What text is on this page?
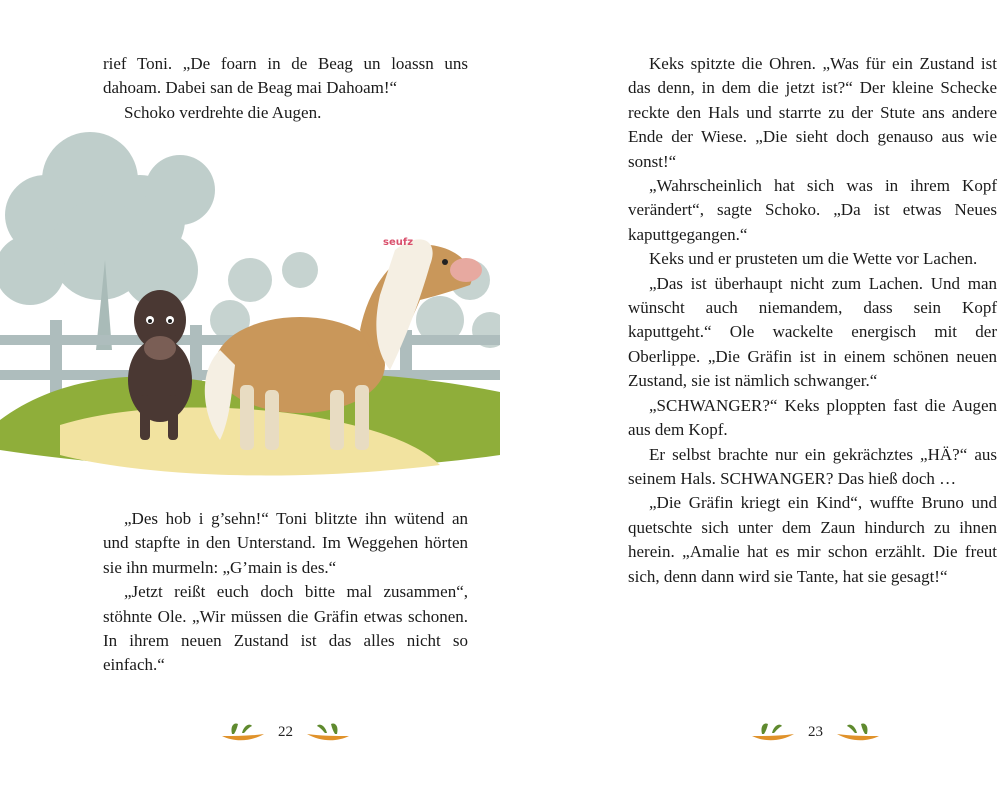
rief Toni. „De foarn in de Beag un loassn uns dahoam. Dabei san de Beag mai Dahoam!“

Schoko verdrehte die Augen.

seufz

„Des hob i g’sehn!“ Toni blitzte ihn wütend an und stapfte in den Unterstand. Im Weggehen hörten sie ihn murmeln: „G’main is des.“

„Jetzt reißt euch doch bitte mal zusammen“, stöhnte Ole. „Wir müssen die Gräfin etwas schonen. In ihrem neuen Zustand ist das alles nicht so einfach.“

22

Keks spitzte die Ohren. „Was für ein Zustand ist das denn, in dem die jetzt ist?“ Der kleine Schecke reckte den Hals und starrte zu der Stute ans andere Ende der Wiese. „Die sieht doch genauso aus wie sonst!“

„Wahrscheinlich hat sich was in ihrem Kopf verändert“, sagte Schoko. „Da ist etwas Neues kaputtgegangen.“

Keks und er prusteten um die Wette vor Lachen.

„Das ist überhaupt nicht zum Lachen. Und man wünscht auch niemandem, dass sein Kopf kaputtgeht.“ Ole wackelte energisch mit der Oberlippe. „Die Gräfin ist in einem schönen neuen Zustand, sie ist nämlich schwanger.“

„SCHWANGER?“ Keks ploppten fast die Augen aus dem Kopf.

Er selbst brachte nur ein gekrächztes „HÄ?“ aus seinem Hals. SCHWANGER? Das hieß doch …

„Die Gräfin kriegt ein Kind“, wuffte Bruno und quetschte sich unter dem Zaun hindurch zu ihnen herein. „Amalie hat es mir schon erzählt. Die freut sich, denn dann wird sie Tante, hat sie gesagt!“

23
